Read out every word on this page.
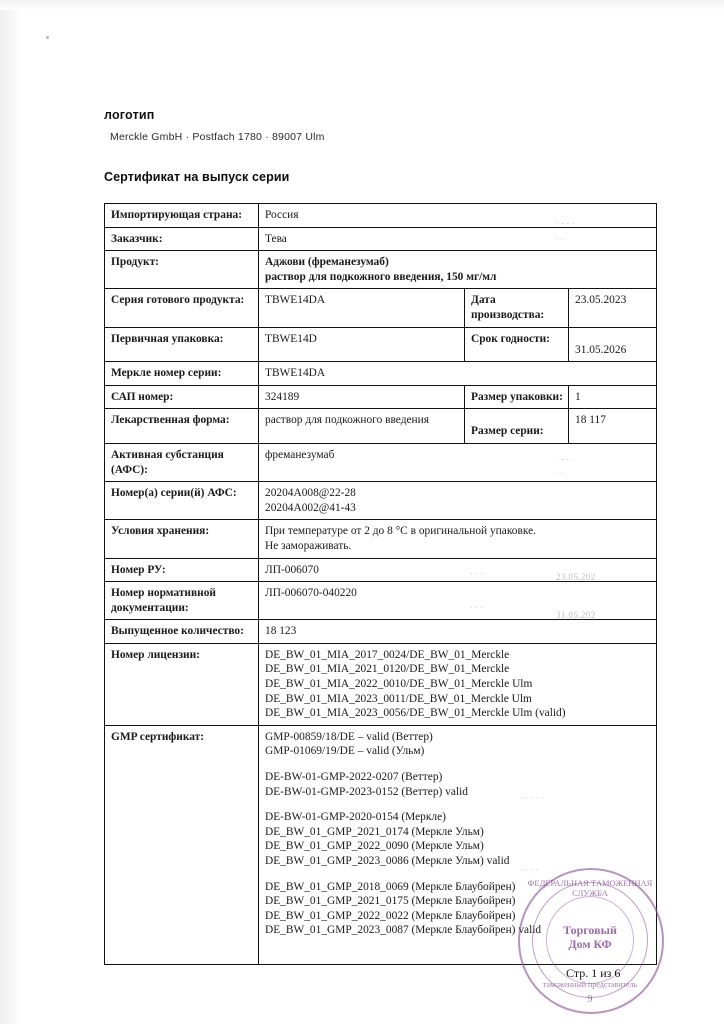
логотип
Merckle GmbH · Postfach 1780 · 89007 Ulm
Сертификат на выпуск серии
Импортирующая страна:	Россия		
Заказчик:	Тева		
Продукт:	Аджови (фреманезумаб)
раствор для подкожного введения, 150 мг/мл		

Серия готового продукта:	TBWE14DA	Дата производства:	23.05.2023
Первичная упаковка:	TBWE14D	Срок годности:	31.05.2026

Меркле номер серии:	TBWE14DA		
САП номер:	324189	Размер упаковки:	1
Лекарственная форма:	раствор для подкожного введения	Размер серии:	18 117
Активная субстанция (АФС):	фреманезумаб		
Номер(а) серии(й) АФС:	20204A008@22-28
20204A002@41-43		

Условия хранения:	При температуре от 2 до 8 °С в оригинальной упаковке.
Не замораживать.		

Номер РУ:	ЛП-006070		
Номер нормативной документации:	ЛП-006070-040220		
Выпущенное количество:	18 123		
Номер лицензии:	DE_BW_01_MIA_2017_0024/DE_BW_01_Merckle
DE_BW_01_MIA_2021_0120/DE_BW_01_Merckle
DE_BW_01_MIA_2022_0010/DE_BW_01_Merckle Ulm
DE_BW_01_MIA_2023_0011/DE_BW_01_Merckle Ulm
DE_BW_01_MIA_2023_0056/DE_BW_01_Merckle Ulm (valid)		

GMP сертификат:	GMP-00859/18/DE – valid (Веттер)
GMP-01069/19/DE – valid (Ульм)
DE-BW-01-GMP-2022-0207 (Веттер)
DE-BW-01-GMP-2023-0152 (Веттер) valid
DE-BW-01-GMP-2020-0154 (Меркле)
DE_BW_01_GMP_2021_0174 (Меркле Ульм)
DE_BW_01_GMP_2022_0090 (Меркле Ульм)
DE_BW_01_GMP_2023_0086 (Меркле Ульм) valid
DE_BW_01_GMP_2018_0069 (Меркле Блаубойрен)
DE_BW_01_GMP_2021_0175 (Меркле Блаубойрен)
DE_BW_01_GMP_2022_0022 (Меркле Блаубойрен)
DE_BW_01_GMP_2023_0087 (Меркле Блаубойрен) valid
. . . .
. .
. . . .
. .
. . .
23.05.202
31.05.202
. . .
. . . . .
. . . .
ФЕДЕРАЛЬНАЯ ТАМОЖЕННАЯ СЛУЖБА
Торговый
Дом КФ
таможенный представитель
9
Стр. 1 из 6
